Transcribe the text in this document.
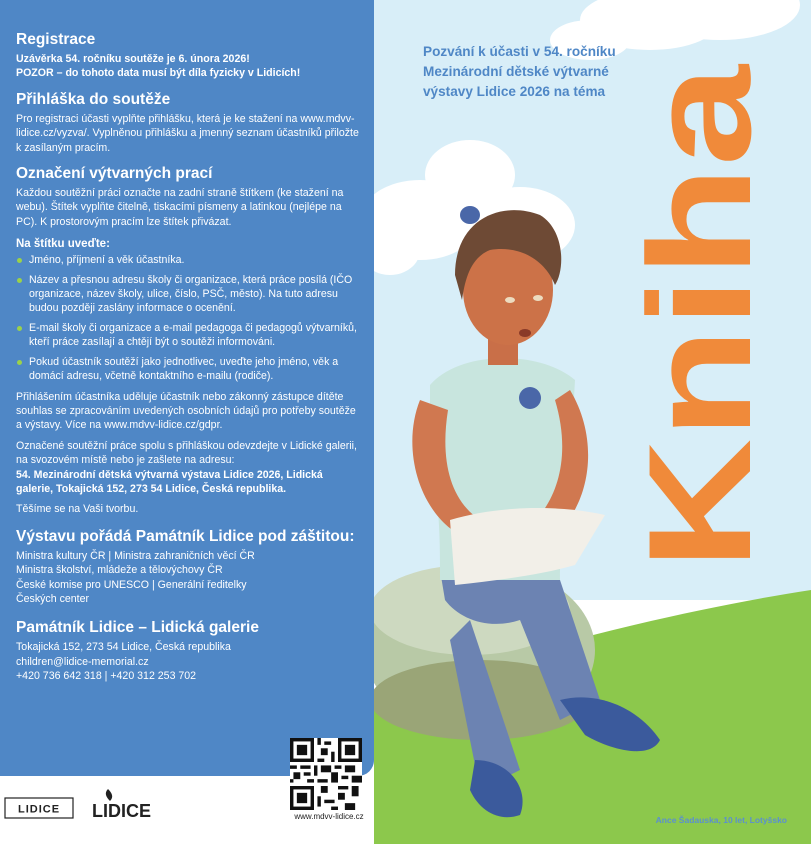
Registrace

Uzávěrka 54. ročníku soutěže je 6. února 2026!

POZOR – do tohoto data musí být díla fyzicky v Lidicích!

Přihláška do soutěže

Pro registraci účasti vyplňte přihlášku, která je ke stažení na www.mdvv-lidice.cz/vyzva/. Vyplněnou přihlášku a jmenný seznam účastníků přiložte k zasílaným pracím.

Označení výtvarných prací

Každou soutěžní práci označte na zadní straně štítkem (ke stažení na webu). Štítek vyplňte čitelně, tiskacími písmeny a latinkou (nejlépe na PC). K prostorovým pracím lze štítek přivázat.

Na štítku uveďte:
Jméno, příjmení a věk účastníka.
Název a přesnou adresu školy či organizace, která práce posílá (IČO organizace, název školy, ulice, číslo, PSČ, město). Na tuto adresu budou později zaslány informace o ocenění.
E-mail školy či organizace a e-mail pedagoga či pedagogů výtvarníků, kteří práce zasílají a chtějí být o soutěži informováni.
Pokud účastník soutěží jako jednotlivec, uveďte jeho jméno, věk a domácí adresu, včetně kontaktního e-mailu (rodiče).

Přihlášením účastníka uděluje účastník nebo zákonný zástupce dítěte souhlas se zpracováním uvedených osobních údajů pro potřeby soutěže a výstavy. Více na www.mdvv-lidice.cz/gdpr.

Označené soutěžní práce spolu s přihláškou odevzdejte v Lidické galerii, na svozovém místě nebo je zašlete na adresu:

54. Mezinárodní dětská výtvarná výstava Lidice 2026, Lidická galerie, Tokajická 152, 273 54 Lidice, Česká republika.

Těšíme se na Vaši tvorbu.

Výstavu pořádá Památník Lidice pod záštitou:

Ministra kultury ČR | Ministra zahraničních věcí ČR

Ministra školství, mládeže a tělovýchovy ČR

České komise pro UNESCO | Generální ředitelky

Českých center

Památník Lidice – Lidická galerie

Tokajická 152, 273 54 Lidice, Česká republika

children@lidice-memorial.cz

+420 736 642 318 | +420 312 253 702

Pozvání k účasti v 54. ročníku
Mezinárodní dětské výtvarné
výstavy Lidice 2026 na téma
Kniha
LIDICE LIDICE	www.mdvv-lidice.cz	Ance Šadauska, 10 let, Lotyšsko
